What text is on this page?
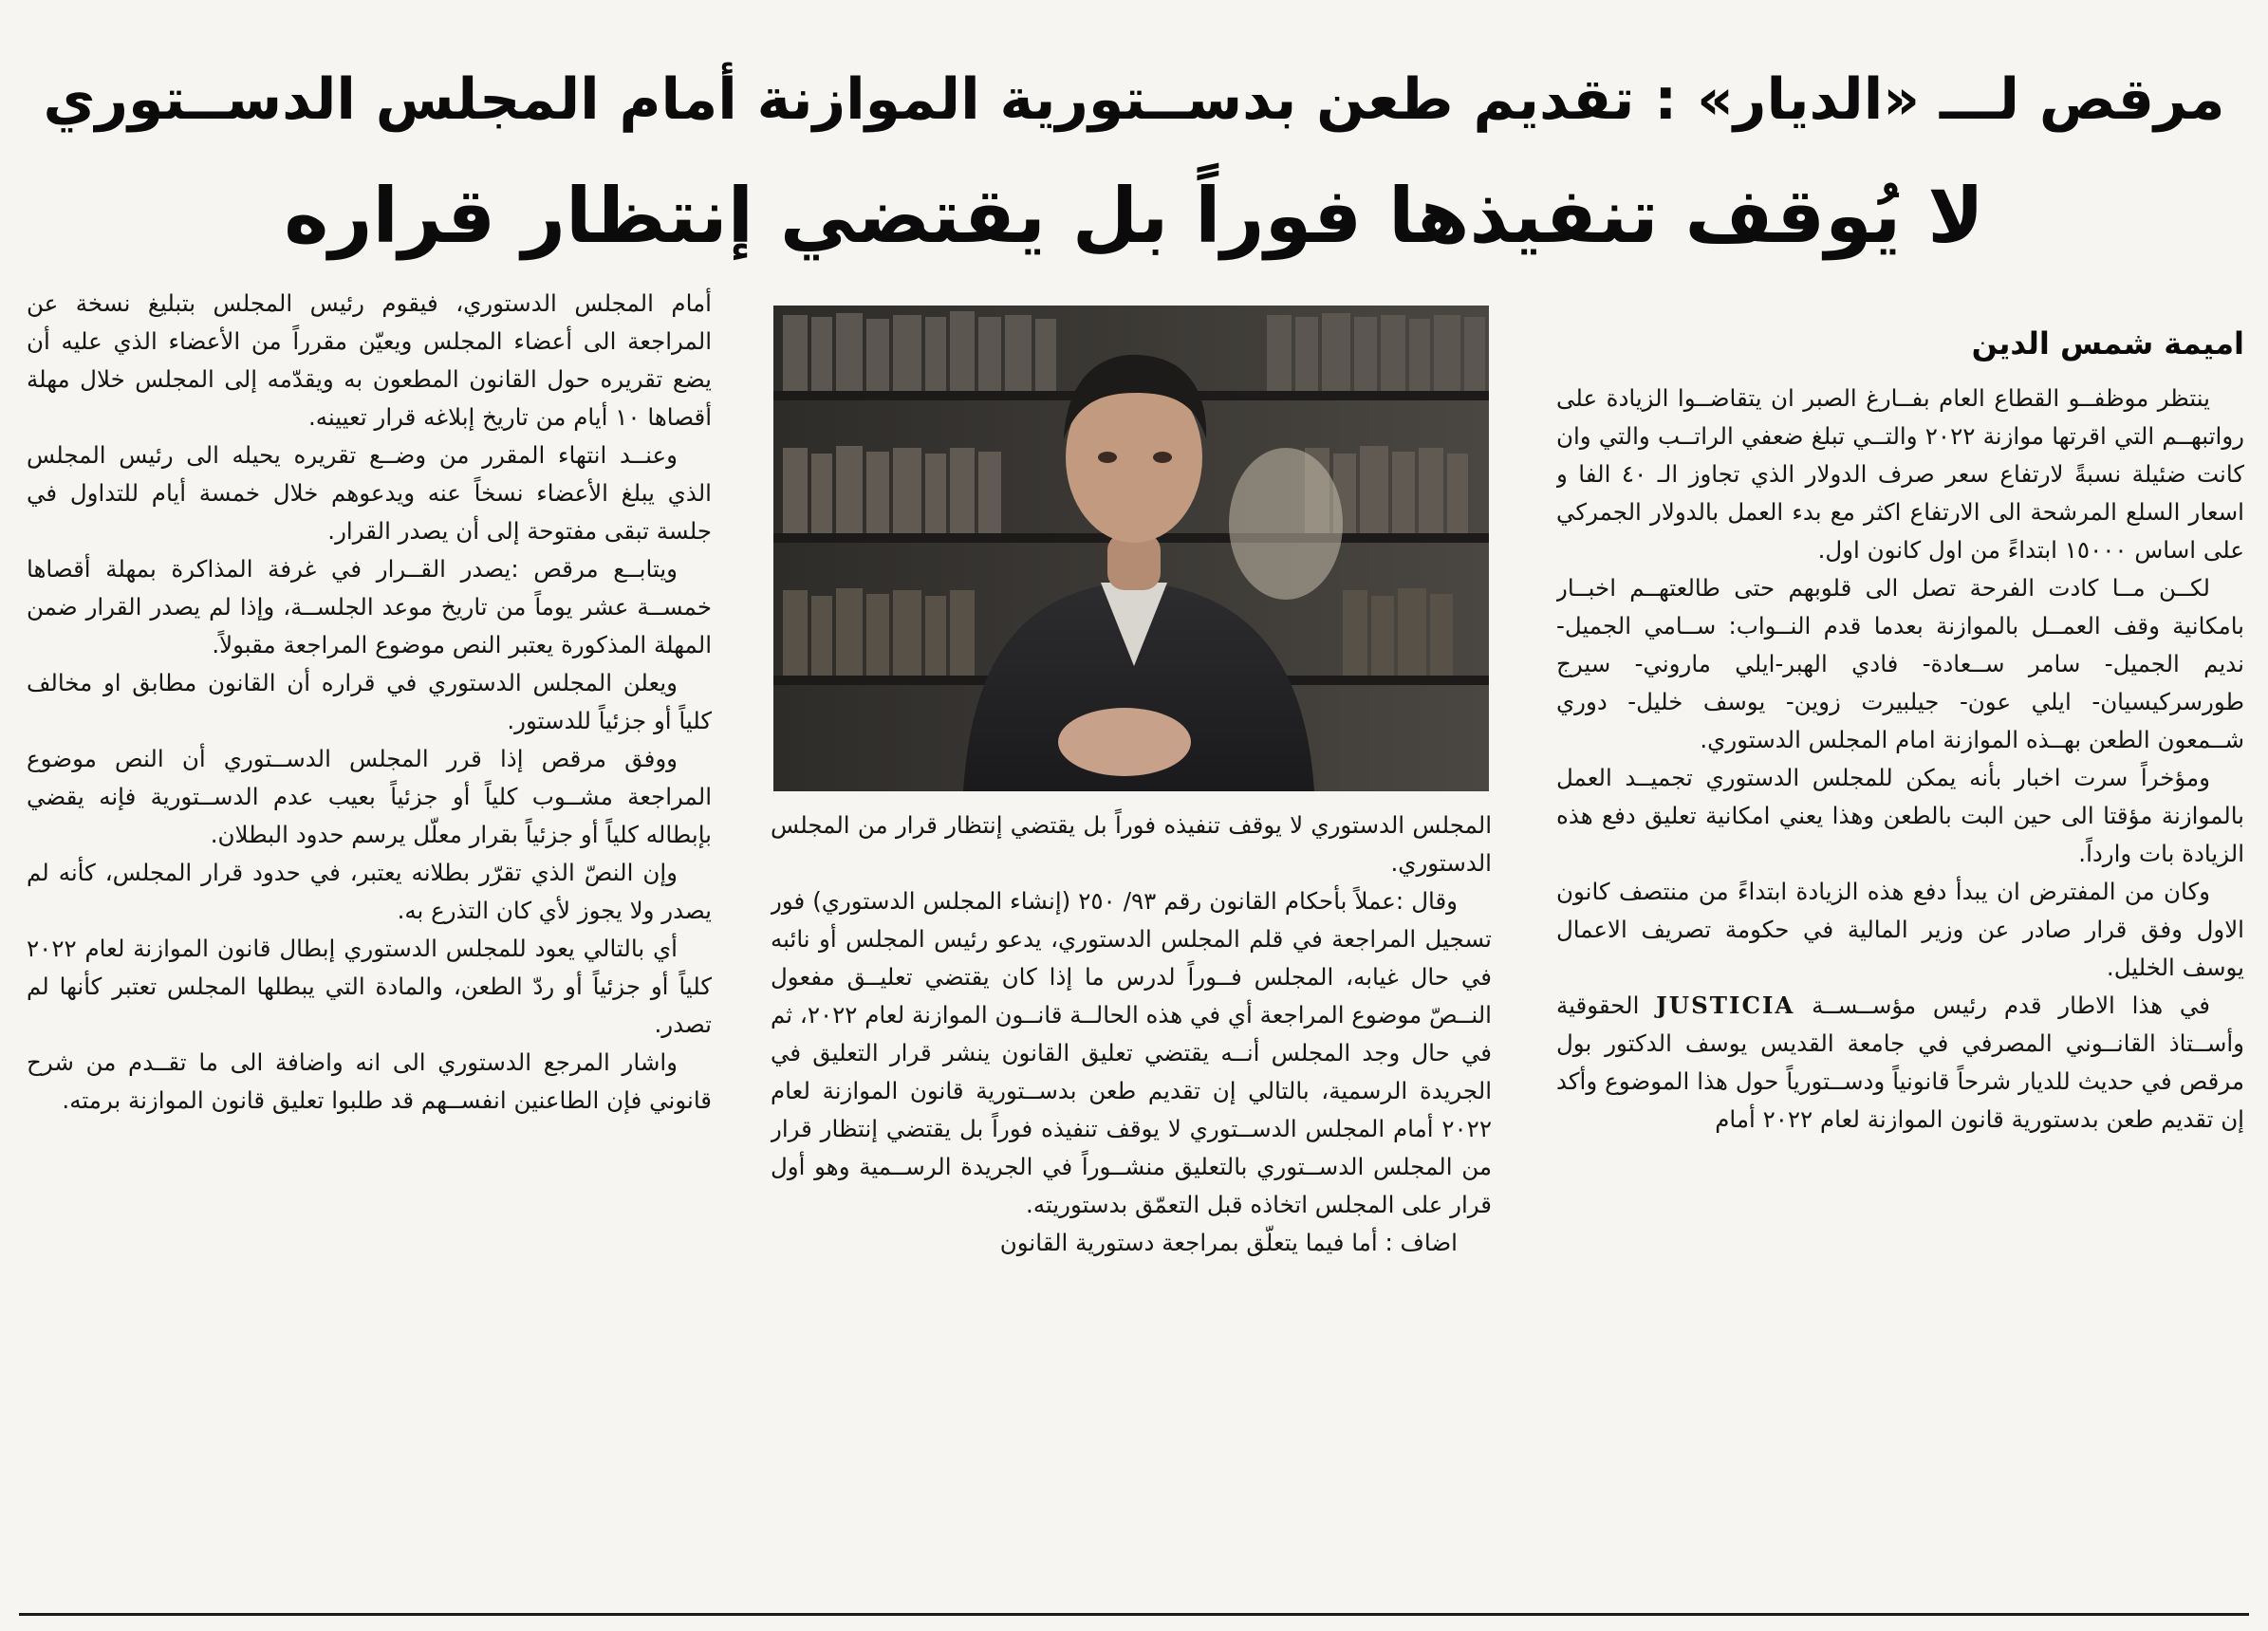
مرقص لـــ «الديار» : تقديم طعن بدســتورية الموازنة أمام المجلس الدســتوري
لا يُوقف تنفيذها فوراً بل يقتضي إنتظار قراره

اميمة شمس الدين

ينتظر موظفــو القطاع العام بفــارغ الصبر ان يتقاضــوا الزيادة على رواتبهــم التي اقرتها موازنة ٢٠٢٢ والتــي تبلغ ضعفي الراتــب والتي وان كانت ضئيلة نسبةً لارتفاع سعر صرف الدولار الذي تجاوز الـ ٤٠ الفا و اسعار السلع المرشحة الى الارتفاع اكثر مع بدء العمل بالدولار الجمركي على اساس ١٥٠٠٠ ابتداءً من اول كانون اول.

لكــن مــا كادت الفرحة تصل الى قلوبهم حتى طالعتهــم اخبــار بامكانية وقف العمــل بالموازنة بعدما قدم النــواب: ســامي الجميل- نديم الجميل- سامر ســعادة- فادي الهبر-ايلي ماروني- سيرج طورسركيسيان- ايلي عون- جيلبيرت زوين- يوسف خليل- دوري شــمعون الطعن بهــذه الموازنة امام المجلس الدستوري.

ومؤخراً سرت اخبار بأنه يمكن للمجلس الدستوري تجميــد العمل بالموازنة مؤقتا الى حين البت بالطعن وهذا يعني امكانية تعليق دفع هذه الزيادة بات وارداً.

وكان من المفترض ان يبدأ دفع هذه الزيادة ابتداءً من منتصف كانون الاول وفق قرار صادر عن وزير المالية في حكومة تصريف الاعمال يوسف الخليل.

في هذا الاطار قدم رئيس مؤســســة JUSTICIA الحقوقية وأســتاذ القانــوني المصرفي في جامعة القديس يوسف الدكتور بول مرقص في حديث للديار شرحاً قانونياً ودســتورياً حول هذا الموضوع وأكد إن تقديم طعن بدستورية قانون الموازنة لعام ٢٠٢٢ أمام

المجلس الدستوري لا يوقف تنفيذه فوراً بل يقتضي إنتظار قرار من المجلس الدستوري.

وقال :عملاً بأحكام القانون رقم ٩٣/ ٢٥٠ (إنشاء المجلس الدستوري) فور تسجيل المراجعة في قلم المجلس الدستوري، يدعو رئيس المجلس أو نائبه في حال غيابه، المجلس فــوراً لدرس ما إذا كان يقتضي تعليــق مفعول النــصّ موضوع المراجعة أي في هذه الحالــة قانــون الموازنة لعام ٢٠٢٢، ثم في حال وجد المجلس أنــه يقتضي تعليق القانون ينشر قرار التعليق في الجريدة الرسمية، بالتالي إن تقديم طعن بدســتورية قانون الموازنة لعام ٢٠٢٢ أمام المجلس الدســتوري لا يوقف تنفيذه فوراً بل يقتضي إنتظار قرار من المجلس الدســتوري بالتعليق منشــوراً في الجريدة الرســمية وهو أول قرار على المجلس اتخاذه قبل التعمّق بدستوريته.

اضاف : أما فيما يتعلّق بمراجعة دستورية القانون

أمام المجلس الدستوري، فيقوم رئيس المجلس بتبليغ نسخة عن المراجعة الى أعضاء المجلس ويعيّن مقرراً من الأعضاء الذي عليه أن يضع تقريره حول القانون المطعون به ويقدّمه إلى المجلس خلال مهلة أقصاها ١٠ أيام من تاريخ إبلاغه قرار تعيينه.

وعنــد انتهاء المقرر من وضــع تقريره يحيله الى رئيس المجلس الذي يبلغ الأعضاء نسخاً عنه ويدعوهم خلال خمسة أيام للتداول في جلسة تبقى مفتوحة إلى أن يصدر القرار.

ويتابــع مرقص :يصدر القــرار في غرفة المذاكرة بمهلة أقصاها خمســة عشر يوماً من تاريخ موعد الجلســة، وإذا لم يصدر القرار ضمن المهلة المذكورة يعتبر النص موضوع المراجعة مقبولاً.

ويعلن المجلس الدستوري في قراره أن القانون مطابق او مخالف كلياً أو جزئياً للدستور.

ووفق مرقص إذا قرر المجلس الدســتوري أن النص موضوع المراجعة مشــوب كلياً أو جزئياً بعيب عدم الدســتورية فإنه يقضي بإبطاله كلياً أو جزئياً بقرار معلّل يرسم حدود البطلان.

وإن النصّ الذي تقرّر بطلانه يعتبر، في حدود قرار المجلس، كأنه لم يصدر ولا يجوز لأي كان التذرع به.

أي بالتالي يعود للمجلس الدستوري إبطال قانون الموازنة لعام ٢٠٢٢ كلياً أو جزئياً أو ردّ الطعن، والمادة التي يبطلها المجلس تعتبر كأنها لم تصدر.

واشار المرجع الدستوري الى انه واضافة الى ما تقــدم من شرح قانوني فإن الطاعنين انفســهم قد طلبوا تعليق قانون الموازنة برمته.
